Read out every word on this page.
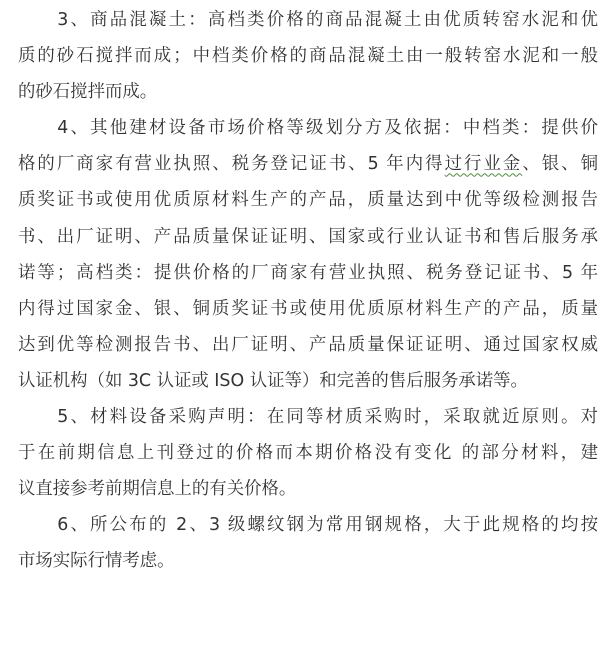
　　3、商品混凝土：高档类价格的商品混凝土由优质转窑水泥和优
质的砂石搅拌而成；中档类价格的商品混凝土由一般转窑水泥和一般
的砂石搅拌而成。
　　4、其他建材设备市场价格等级划分方及依据：中档类：提供价
格的厂商家有营业执照、税务登记证书、5 年内得过行业金、银、铜
质奖证书或使用优质原材料生产的产品，质量达到中优等级检测报告
书、出厂证明、产品质量保证证明、国家或行业认证书和售后服务承
诺等；高档类：提供价格的厂商家有营业执照、税务登记证书、5 年
内得过国家金、银、铜质奖证书或使用优质原材料生产的产品，质量
达到优等检测报告书、出厂证明、产品质量保证证明、通过国家权威
认证机构（如 3C 认证或 ISO 认证等）和完善的售后服务承诺等。
　　5、材料设备采购声明：在同等材质采购时，采取就近原则。对
于在前期信息上刊登过的价格而本期价格没有变化 的部分材料，建
议直接参考前期信息上的有关价格。
　　6、所公布的 2、3 级螺纹钢为常用钢规格，大于此规格的均按
市场实际行情考虑。
